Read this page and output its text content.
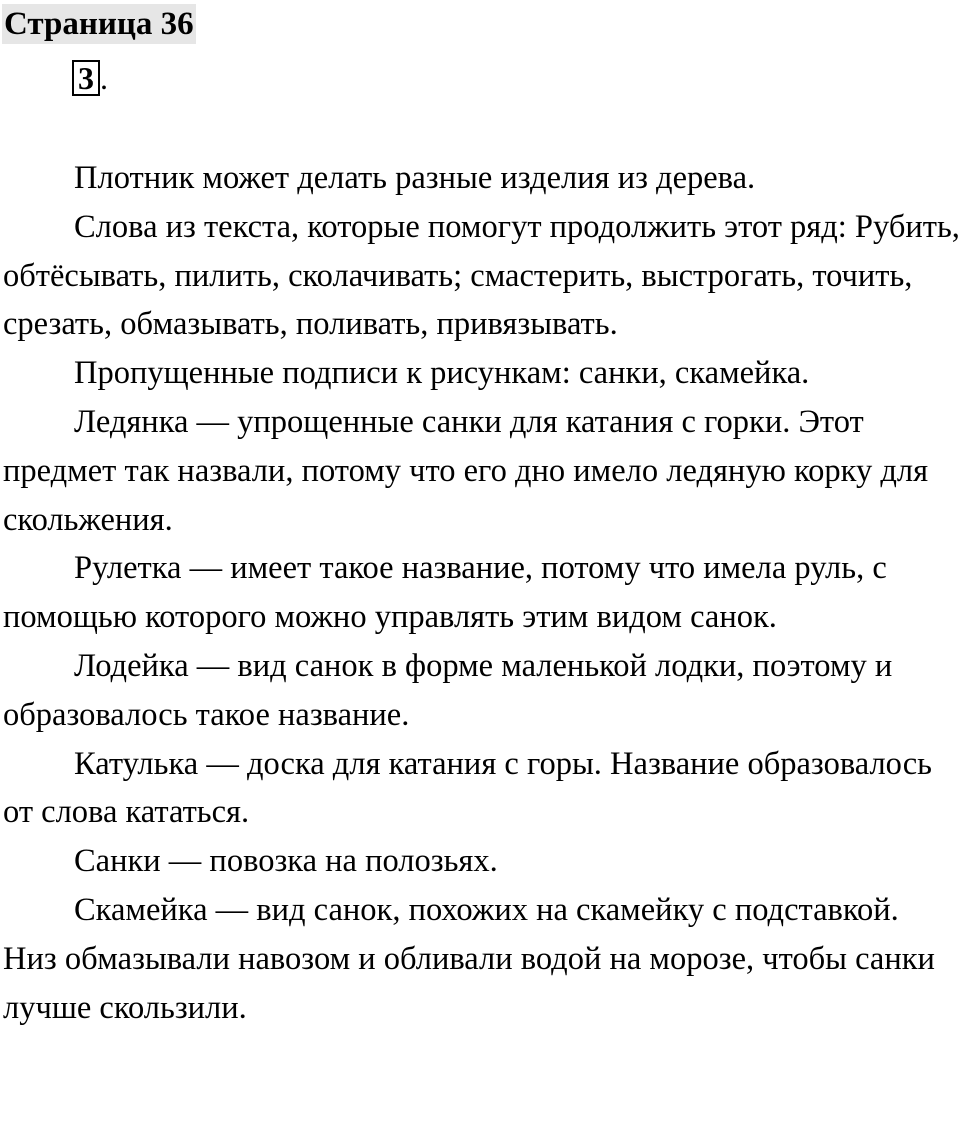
Страница 36
3 .

Плотник может делать разные изделия из дерева.

Слова из текста, которые помогут продолжить этот ряд: Рубить, обтёсывать, пилить, сколачивать; смастерить, выстрогать, точить, срезать, обмазывать, поливать, привязывать.

Пропущенные подписи к рисункам: санки, скамейка.

Ледянка — упрощенные санки для катания с горки. Этот предмет так назвали, потому что его дно имело ледяную корку для скольжения.

Рулетка — имеет такое название, потому что имела руль, с помощью которого можно управлять этим видом санок.

Лодейка — вид санок в форме маленькой лодки, поэтому и образовалось такое название.

Катулька — доска для катания с горы. Название образовалось от слова кататься.

Санки — повозка на полозьях.

Скамейка — вид санок, похожих на скамейку с подставкой. Низ обмазывали навозом и обливали водой на морозе, чтобы санки лучше скользили.
